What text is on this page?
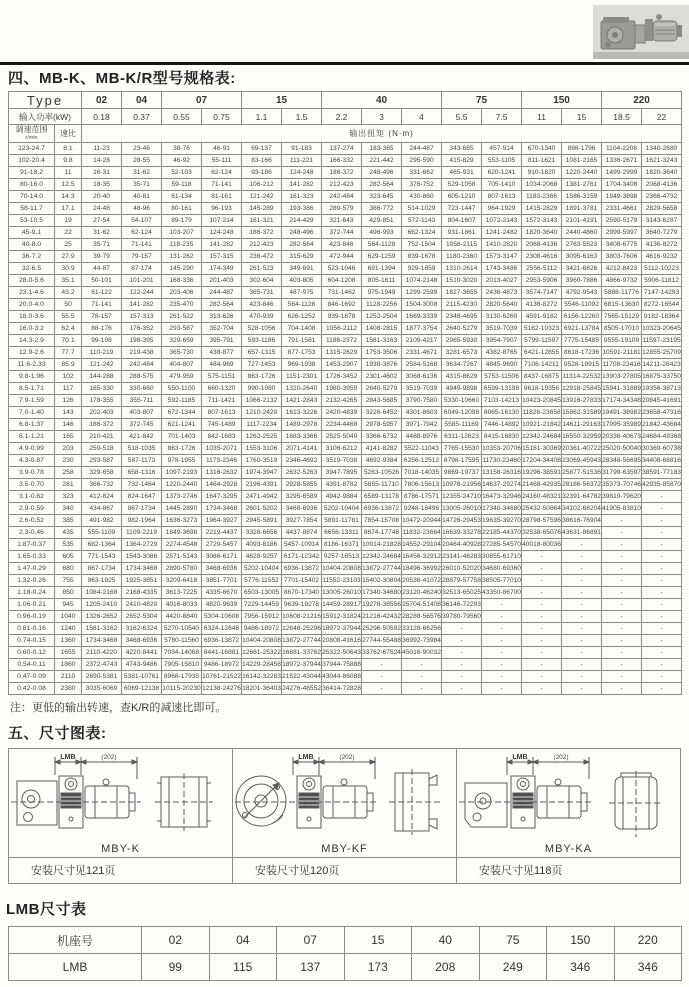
四、MB-K、MB-K/R型号规格表:
Type		02	04	07		15		40			75		150		220	
输入功率(kW)		0.18	0.37	0.55	0.75	1.1	1.5	2.2	3	4	5.5	7.5	11	15	18.5	22
调速范围
r/min	速比	输出扭矩 (N·m)														
123-24.7	8.1	11-23	23-46	38-76	46-91	69-137	91-183	137-274	183-365	244-487	343-685	457-914	670-1340	898-1796	1104-2208	1340-2680
102-20.4	9.8	14-28	28-55	46-92	55-111	83-166	111-221	166-332	221-442	295-590	415-829	553-1105	811-1621	1081-2165	1336-2671	1621-3243
91-18.2	11	16-31	31-62	52-103	62-124	93-186	124-248	186-372	248-496	331-662	465-931	620-1241	910-1820	1220-2440	1499-2999	1820-3640
80-16.0	12.5	18-35	35-71	59-118	71-141	106-212	141-282	212-423	282-564	376-752	529-1058	705-1410	1034-2068	1381-2761	1704-3408	2068-4136
70-14.0	14.3	20-40	40-81	61-134	81-161	121-242	161-323	242-484	323-645	430-860	605-1210	807-1613	1183-2366	1586-3159	1949-3898	2366-4732
58-11.7	17.1	24-48	48-96	80-161	96-193	145-289	193-386	289-579	386-772	514-1029	723-1447	964-1929	1415-2829	1891-3781	2331-4661	2829-5658
53-10.5	19	27-54	54-107	89-179	107-214	161-321	214-429	321-643	429-851	572-1143	804-1607	1072-2143	1572-3143	2101-4191	2590-5179	3143-6287
45-9.1	22	31-62	62-124	103-207	124-248	186-372	248-496	372-744	496-993	662-1324	931-1861	1241-2482	1820-3640	2440-4860	2999-5997	3640-7279
40-8.0	25	35-71	71-141	118-235	141-282	212-423	282-564	423-846	564-1128	752-1504	1058-2115	1410-2820	2068-4136	2763-5523	3408-6775	4136-8272
36-7.2	27.9	39-79	79-157	131-262	157-315	236-472	315-629	472-944	629-1259	839-1678	1180-2360	1573-3147	2308-4616	3095-6163	3803-7606	4616-9232
32-6.5	30.9	44-87	87-174	145-290	174-349	261-523	349-691	523-1046	691-1394	929-1859	1310-2614	1743-3486	2556-5112	3421-6826	4212-8423	5112-10223
28.0-5.6	35.1	50-101	101-201	168-336	201-403	302-604	403-805	604-1208	805-1611	1074-2148	1510-3020	2013-4027	2953-5906	3960-7886	4866-9732	5906-11812
23.1-4.6	43.2	61-122	122-244	203-406	244-487	365-731	487-975	731-1462	975-1949	1299-2599	1827-3655	2436-4873	3574-7147	4792-9543	5888-11776	7147-14293
20.0-4.0	50	71-141	141-282	235-470	282-564	423-846	564-1128	846-1692	1128-2256	1504-3008	2115-4230	2820-5640	4136-8272	5546-11092	6815-13630	8272-16544
18.0-3.6	55.5	78-157	157-313	261-522	313-626	470-939	626-1252	939-1878	1252-2504	1669-3339	2348-4695	3130-6260	4591-9182	6156-12260	7565-15129	9182-18364
16.0-3.2	62.4	88-176	176-352	293-587	352-704	528-1056	704-1408	1056-2112	1408-2815	1877-3754	2640-5279	3519-7039	5162-10323	6921-13784	8505-17010	10323-20645
14.3-2.9	70.1	99-198	198-395	329-659	395-791	593-1186	791-1581	1186-2372	1581-3163	2109-4217	2965-5930	3954-7907	5799-11597	7775-15485	9555-19109	11597-23195
12.9-2.6	77.7	110-219	219-438	365-730	438-877	657-1315	877-1753	1315-2629	1753-3506	2331-4671	3281-6573	4382-8765	6421-12855	8618-17236	10591-21181	12855-25709
11.6-2.33	85.9	121-242	242-484	404-807	484-969	727-1453	969-1938	1453-2907	1938-3876	2584-5168	3634-7267	4845-9690	7106-14211	9528-18915	11708-23416	14211-28423
9.8-1.96	102	144-288	288-575	479-959	575-1151	863-1726	1151-2301	1726-3452	2301-4602	3068-6136	4315-8629	5753-11506	8437-16875	11314-22532	13903-27805	16875-33750
8.5-1.71	117	165-330	330-660	550-1100	660-1320	990-1980	1320-2640	1980-3959	2640-5279	3519-7039	4949-9898	6599-13198	9618-19356	12918-25845	15941-31889	19356-38713
7.9-1.59	126	178-355	355-711	592-1185	711-1421	1066-2132	1421-2843	2132-4265	2843-5685	3790-7580	5330-10660	7103-14213	10423-20845	13916-27833	17174-34348	20845-41691
7.0-1.40	143	202-403	403-807	672-1344	807-1613	1210-2420	1613-3226	2420-4839	3226-6452	4301-8603	6049-12098	8065-16130	11826-23658	15862-31589	19491-38982	23658-47316
6.8-1.37	146	186-372	372-745	621-1241	745-1489	1117-2234	1489-2978	2234-4468	2978-5957	3971-7942	5585-11169	7446-14892	10921-21842	14611-29163	17995-35989	21842-43684
6.1-1.21	165	210-421	421-842	701-1403	842-1683	1262-2525	1683-3366	2525-5049	3366-6732	4488-8976	6311-12623	8415-16830	12342-24684	16550-32959	20336-40673	24684-49368
4.9-0.99	203	259-518	518-1035	863-1726	1035-2071	1553-3106	2071-4141	3106-6212	4141-8282	5522-11043	7765-15530	10353-20706	15181-30369	20361-40722	25020-50040	30369-60738
4.3-0.87	230	293-587	587-1173	978-1955	1173-2346	1760-3519	2346-4692	3519-7038	4692-9384	6256-12512	8798-17595	11730-23460	17204-34408	23069-45943	28348-56695	34408-68816
3.9-0.78	258	329-658	658-1316	1097-2193	1316-2632	1974-3947	2632-5263	3947-7895	5263-10526	7018-14035	9869-19737	13158-26316	19296-38591	25877-51536	31799-63597	38591-77183
3.5-0.70	281	366-732	732-1464	1220-2440	1464-2928	2196-4391	2928-5855	4391-8782	5855-11710	7806-15613	10978-21956	14637-29274	21468-42935	28186-56372	35373-70746	42935-85870
3.1-0.62	323	412-824	824-1647	1373-2746	1647-3295	2471-4942	3295-6589	4942-9884	6589-13178	8786-17571	12355-24710	16473-32946	24160-48321	32391-64782	39810-79620	-
2.9-0.59	340	434-867	867-1734	1445-2890	1734-3468	2601-5202	3468-6936	5202-10404	6936-13872	9248-18496	13005-26010	17340-34680	25432-50864	34102-68204	41905-83810	-
2.6-0.52	385	491-982	982-1964	1636-3273	1964-3927	2945-5891	3927-7854	5891-11781	7854-15708	10472-20944	14726-29453	19635-39270	28798-57596	38616-76904	-	-
2.3-0.46	435	555-1109	1109-2219	1849-3698	2219-4437	3328-6656	4437-8874	6656-13311	8874-17748	11832-23664	16639-33278	22185-44370	32538-65076	43631-86891	-	-
1.87-0.37	535	682-1364	1364-2729	2274-4548	2729-5457	4093-8186	5457-10914	8186-16371	10914-21828	14552-29104	20464-40928	27285-54570	40018-80036	-	-	-
1.65-0.33	605	771-1543	1543-3086	2571-5143	3086-6171	4628-9257	6171-12342	9257-18513	12342-24684	16456-32912	23141-46283	30855-61710	-	-	-	-
1.47-0.29	680	867-1734	1734-3468	2890-5780	3468-6936	5202-10404	6936-13872	10404-20808	13872-27744	18496-36992	26010-52020	34680-69360	-	-	-	-
1.32-0.26	755	963-1925	1925-3851	3209-6418	3851-7701	5776-11552	7701-15402	11552-23103	15402-30804	20536-41072	28879-57758	38505-77010	-	-	-	-
1.18-0.24	850	1084-2168	2168-4335	3613-7225	4335-8670	6503-13005	8670-17340	13005-26010	17340-34680	23120-46240	32513-65025	43350-86700	-	-	-	-
1.06-0.21	945	1205-2410	2410-4820	4016-8033	4820-9639	7229-14459	9639-19278	14459-28917	19278-38556	25704-51408	36146-72293	-	-	-	-	-
0.96-0.19	1040	1326-2652	2652-5304	4420-8840	5304-10608	7956-15912	10608-21216	15912-31824	21216-42432	28288-56576	39780-79560	-	-	-	-	-
0.81-0.16	1240	1581-3162	3162-6324	5270-10540	6324-12648	9486-18972	12648-25296	18972-37944	25296-50592	33128-66256	-	-	-	-	-	-
0.74-0.15	1360	1734-3468	3468-6936	5780-11560	6936-13872	10404-20808	13872-27744	20808-41616	27744-55488	36992-73984	-	-	-	-	-	-
0.60-0.12	1655	2110-4220	4220-8441	7034-14068	8441-16881	12661-25322	16881-33762	25322-50643	33762-67524	45016-90032	-	-	-	-	-	-
0.54-0.11	1860	2372-4743	4743-9486	7905-15810	9486-18972	14229-28458	18972-37944	37944-75888	-	-	-	-	-	-	-	-
0.47-0.09	2110	2690-5381	5381-10761	8968-17935	10761-21522	16142-32283	21522-43044	43044-86088	-	-	-	-	-	-	-	-
0.42-0.08	2380	3035-6069	6069-12138	10115-20230	12138-24276	18201-36403	24276-48552	36414-72828	-	-	-	-	-	-	-	-
注：更低的输出转速，查K/R的减速比即可。
五、尺寸图表:
LMB	(202)
MBY-K
LMB	(202)
MBY-KF
LMB	(202)
MBY-KA
安装尺寸见121页	安装尺寸见120页	安装尺寸见118页
LMB尺寸表
机座号	02	04	07	15	40	75	150	220
LMB	99	115	137	173	208	249	346	346
